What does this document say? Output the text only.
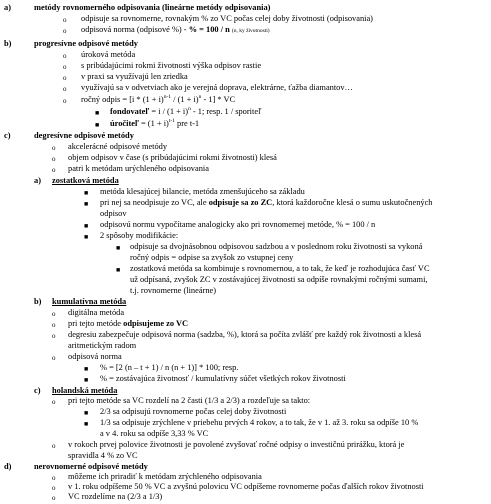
a)	metódy rovnomerného odpisovania (lineárne metódy odpisovania)
o odpisuje sa rovnomerne, rovnakým % zo VC počas celej doby životnosti (odpisovania)
o odpisová norma (odpisové %) - % = 100 / n (n, ky životnosti)
b)	progresívne odpisové metódy
o úroková metóda
o s pribúdajúcimi rokmi životnosti výška odpisov rastie
o v praxi sa využívajú len zriedka
o využívajú sa v odvetviach ako je verejná doprava, elektrárne, ťažba diamantov…
o ročný odpis = $[i * (1 + i)^{n-1} / (1 + i)^n - 1]$ * VC
■ fondovateľ = $i / (1 + i)^n - 1$; resp. 1 / sporiteľ
■ úročiteľ = $(1 + i)^{t-1}$ pre t-1
c)	degresívne odpisové metódy
o akcelerácné odpisové metódy
o objem odpisov v čase (s pribúdajúcimi rokmi životnosti) klesá
o patri k metódam urýchleného odpisovania
a) zostatková metóda
■ metóda klesajúcej bilancie, metóda zmenšujúceho sa základu
■ pri nej sa neodpisuje zo VC, ale odpisuje sa zo ZC, ktorá každoročne klesá o sumu uskutočnených
odpisov
■ odpisovú normu vypočítame analogicky ako pri rovnomernej metóde, % = 100 / n
■ 2 spôsoby modifikácie:
■ odpisuje sa dvojnásobnou odpisovou sadzbou a v poslednom roku životnosti sa vykoná
ročný odpis = odpise sa zvyšok zo vstupnej ceny
■ zostatková metóda sa kombinuje s rovnomernou, a to tak, že keď je rozhodujúca časť VC
už odpísaná, zvyšok ZC v zostávajúcej životnosti sa odpíše rovnakými ročnými sumami,
t.j. rovnomerne (lineárne)
b) kumulatívna metóda
o digitálna metóda
o pri tejto metóde odpisujeme zo VC
o degresiu zabezpečuje odpisová norma (sadzba, %), ktorá sa počíta zvlášť pre každý rok životnosti a klesá
aritmetickým radom
o odpisová norma
■ % = [2 (n – t + 1) / n (n + 1)] * 100; resp.
■ % = zostávajúca životnosť / kumulatívny súčet všetkých rokov životnosti
c) holandská metóda
o pri tejto metóde sa VC rozdelí na 2 časti (1/3 a 2/3) a rozdeľuje sa takto:
■ 2/3 sa odpisujú rovnomerne počas celej doby životnosti
■ 1/3 sa odpisuje zrýchlene v priebehu prvých 4 rokov, a to tak, že v 1. až 3. roku sa odpíše 10 %
a v 4. roku sa odpíše 3,33 % VC
o v rokoch prvej polovice životnosti je povolené zvyšovať ročné odpisy o investičnú prirážku, ktorá je
spravidla 4 % zo VC
d)	nerovnomerné odpisové metódy
o môžeme ich priradiť k metódam zrýchleného odpisovania
o v 1. roku odpíšeme 50 % VC a zvyšnú polovicu VC odpíšeme rovnomerne počas ďalších rokov životnosti
o VC rozdelíme na (2/3 a 1/3)
